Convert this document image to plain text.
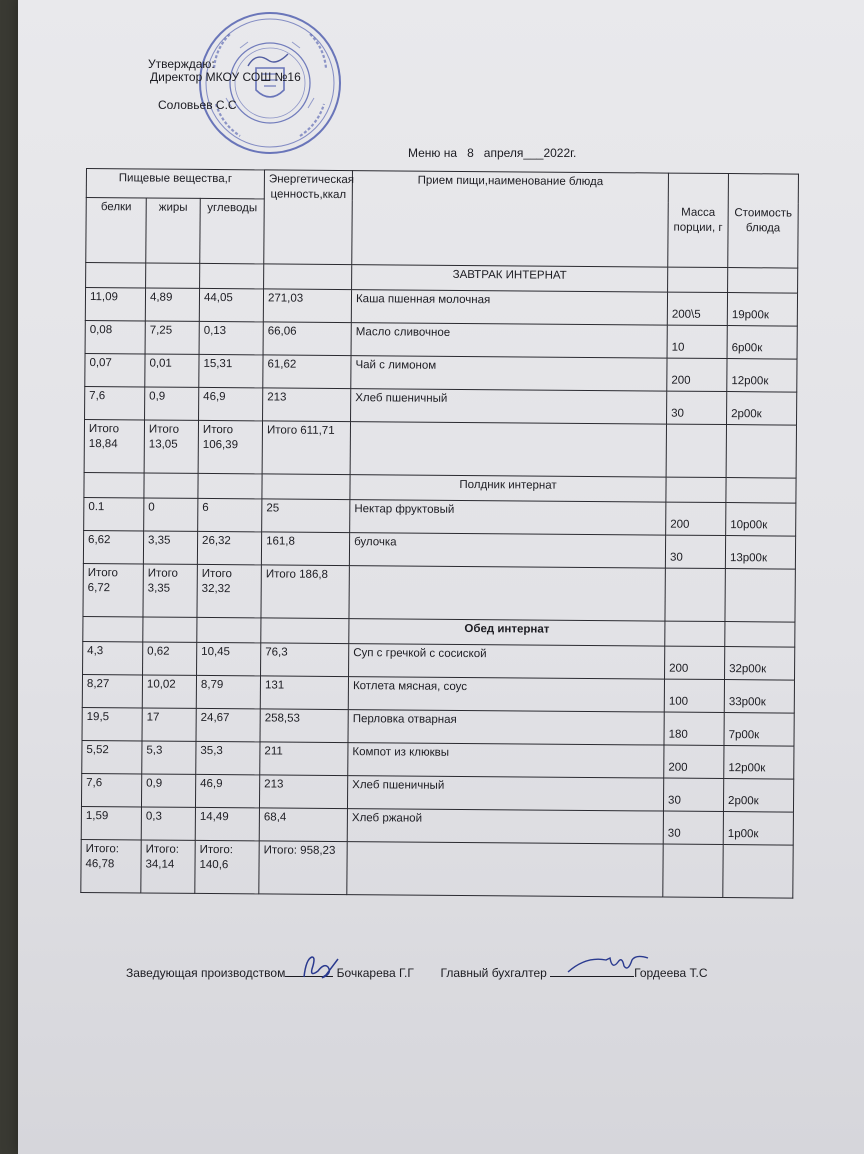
Утверждаю:
Директор МКОУ СОШ №16
Соловьев С.С
Меню на 8 апреля___2022г.
Пищевые вещества,г			Энергетическая ценность,ккал	Прием пищи,наименование блюда	Масса порции, г	Стоимость блюда
белки	жиры	углеводы				
				ЗАВТРАК ИНТЕРНАТ		
11,09	4,89	44,05	271,03	Каша пшенная молочная	200\5	19р00к
0,08	7,25	0,13	66,06	Масло сливочное	10	6р00к
0,07	0,01	15,31	61,62	Чай с лимоном	200	12р00к
7,6	0,9	46,9	213	Хлеб пшеничный	30	2р00к
Итого 18,84	Итого 13,05	Итого 106,39	Итого 611,71			
				Полдник интернат		
0.1	0	6	25	Нектар фруктовый	200	10р00к
6,62	3,35	26,32	161,8	булочка	30	13р00к
Итого 6,72	Итого 3,35	Итого 32,32	Итого 186,8			
				Обед интернат		
4,3	0,62	10,45	76,3	Суп с гречкой с сосиской	200	32р00к
8,27	10,02	8,79	131	Котлета мясная, соус	100	33р00к
19,5	17	24,67	258,53	Перловка отварная	180	7р00к
5,52	5,3	35,3	211	Компот из клюквы	200	12р00к
7,6	0,9	46,9	213	Хлеб пшеничный	30	2р00к
1,59	0,3	14,49	68,4	Хлеб ржаной	30	1р00к
Итого: 46,78	Итого: 34,14	Итого: 140,6	Итого: 958,23			
Заведующая производством	Бочкарева Г.Г Главный бухгалтер	Гордеева Т.С
